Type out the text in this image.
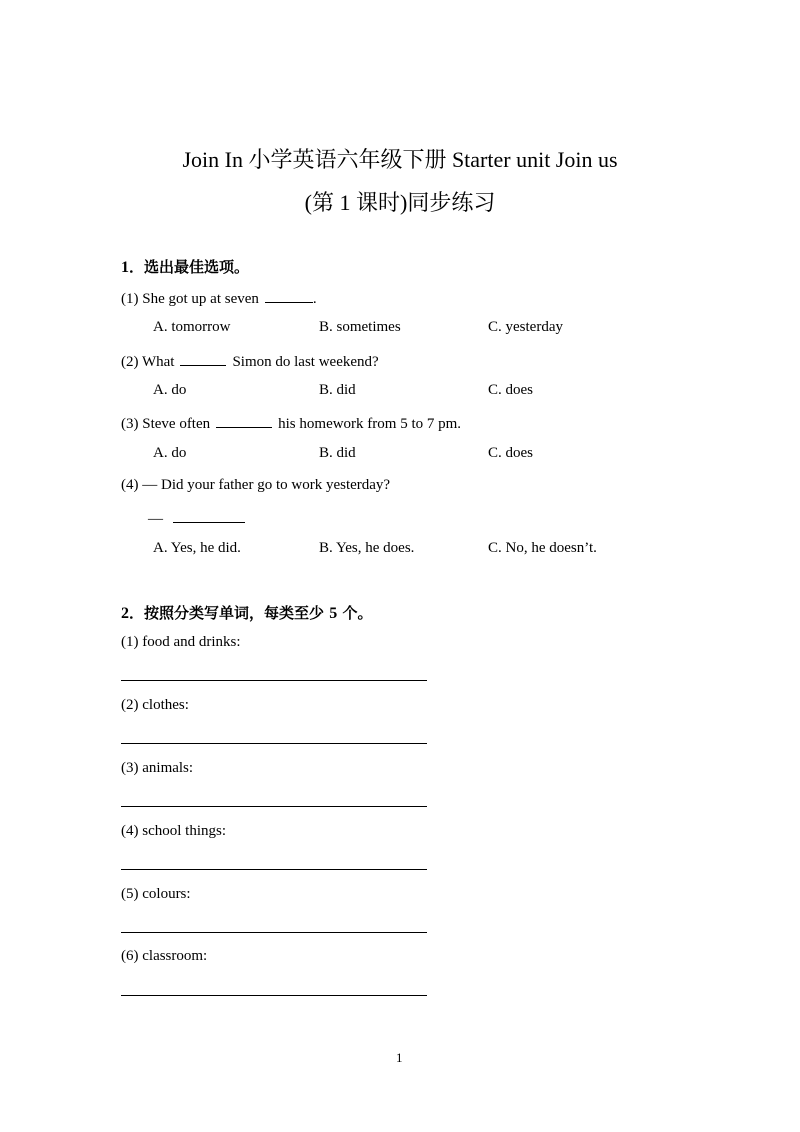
Join In 小学英语六年级下册 Starter unit Join us
(第 1 课时)同步练习
1．选出最佳选项。
(1) She got up at seven	.
A. tomorrow	B. sometimes	C. yesterday
(2) What	Simon do last weekend?
A. do	B. did	C. does
(3) Steve often	his homework from 5 to 7 pm.
A. do	B. did	C. does
(4) — Did your father go to work yesterday?
—
A. Yes, he did.	B. Yes, he does.	C. No, he doesn’t.
2．按照分类写单词，每类至少 5 个。
(1) food and drinks:
(2) clothes:
(3) animals:
(4) school things:
(5) colours:
(6) classroom:
1
